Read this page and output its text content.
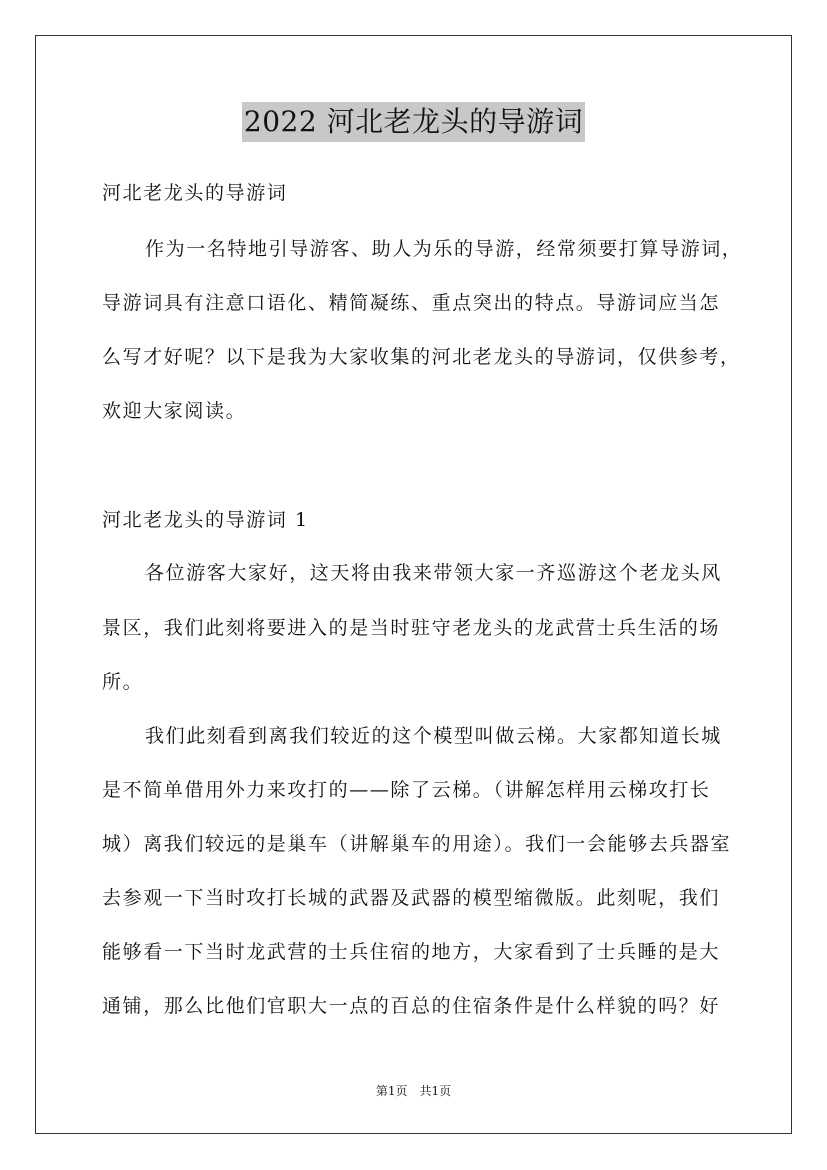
2022 河北老龙头的导游词
河北老龙头的导游词
作为一名特地引导游客、助人为乐的导游，经常须要打算导游词，
导游词具有注意口语化、精简凝练、重点突出的特点。导游词应当怎
么写才好呢？以下是我为大家收集的河北老龙头的导游词，仅供参考，
欢迎大家阅读。
河北老龙头的导游词 1
各位游客大家好，这天将由我来带领大家一齐巡游这个老龙头风
景区，我们此刻将要进入的是当时驻守老龙头的龙武营士兵生活的场
所。
我们此刻看到离我们较近的这个模型叫做云梯。大家都知道长城
是不简单借用外力来攻打的——除了云梯。（讲解怎样用云梯攻打长
城）离我们较远的是巢车（讲解巢车的用途）。我们一会能够去兵器室
去参观一下当时攻打长城的武器及武器的模型缩微版。此刻呢，我们
能够看一下当时龙武营的士兵住宿的地方，大家看到了士兵睡的是大
通铺，那么比他们官职大一点的百总的住宿条件是什么样貌的吗？好
第1页　共1页
